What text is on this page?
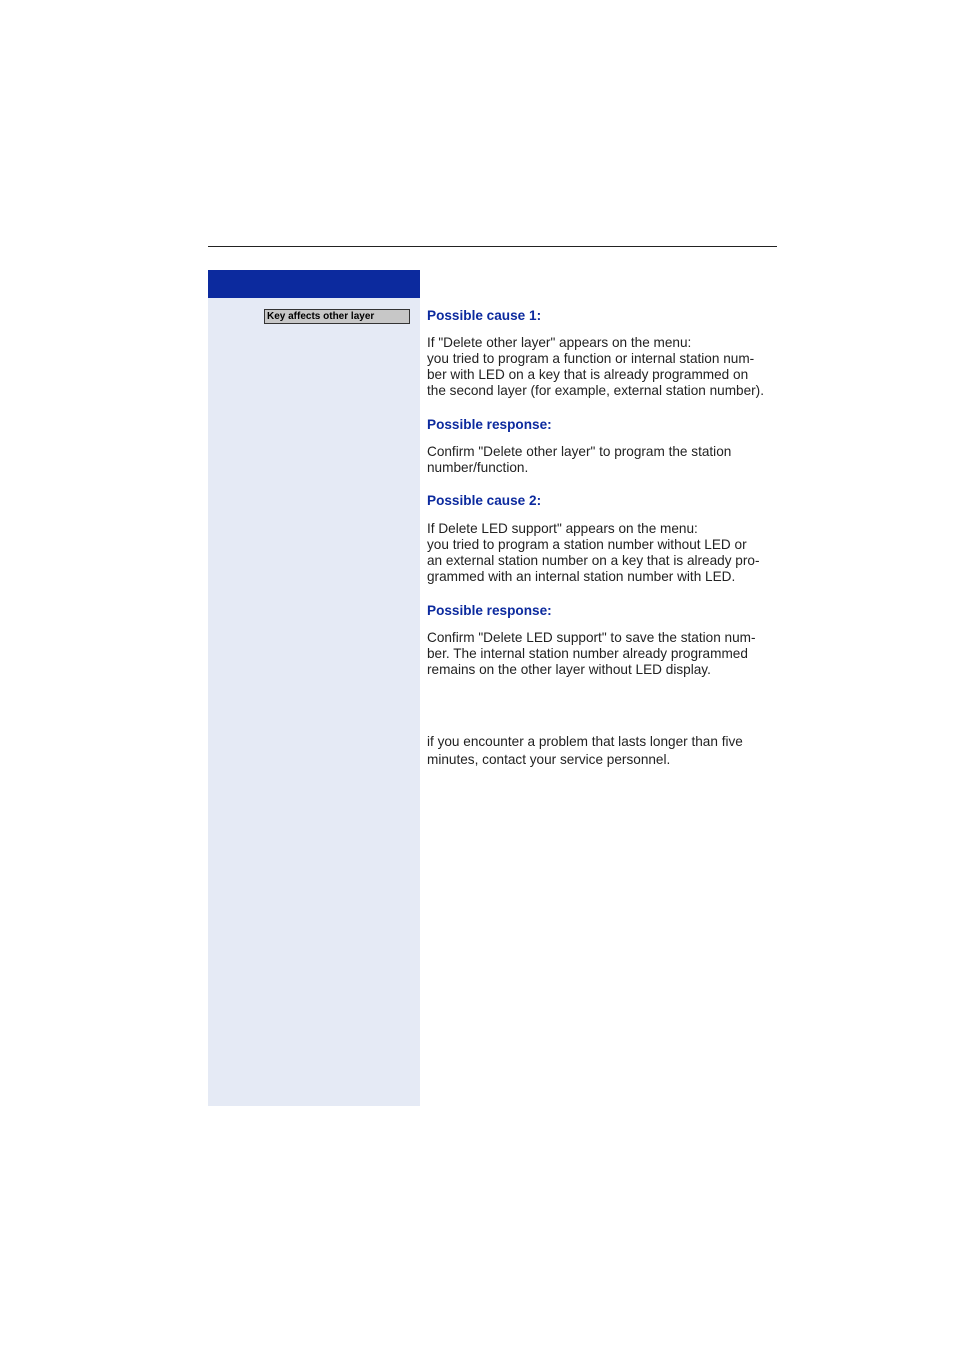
Key affects other layer	Possible cause 1:
If "Delete other layer" appears on the menu:
you tried to program a function or internal station num-
ber with LED on a key that is already programmed on
the second layer (for example, external station number).
Possible response:
Confirm "Delete other layer" to program the station
number/function.
Possible cause 2:
If Delete LED support" appears on the menu:
you tried to program a station number without LED or
an external station number on a key that is already pro-
grammed with an internal station number with LED.
Possible response:
Confirm "Delete LED support" to save the station num-
ber. The internal station number already programmed
remains on the other layer without LED display.
if you encounter a problem that lasts longer than five
minutes, contact your service personnel.
